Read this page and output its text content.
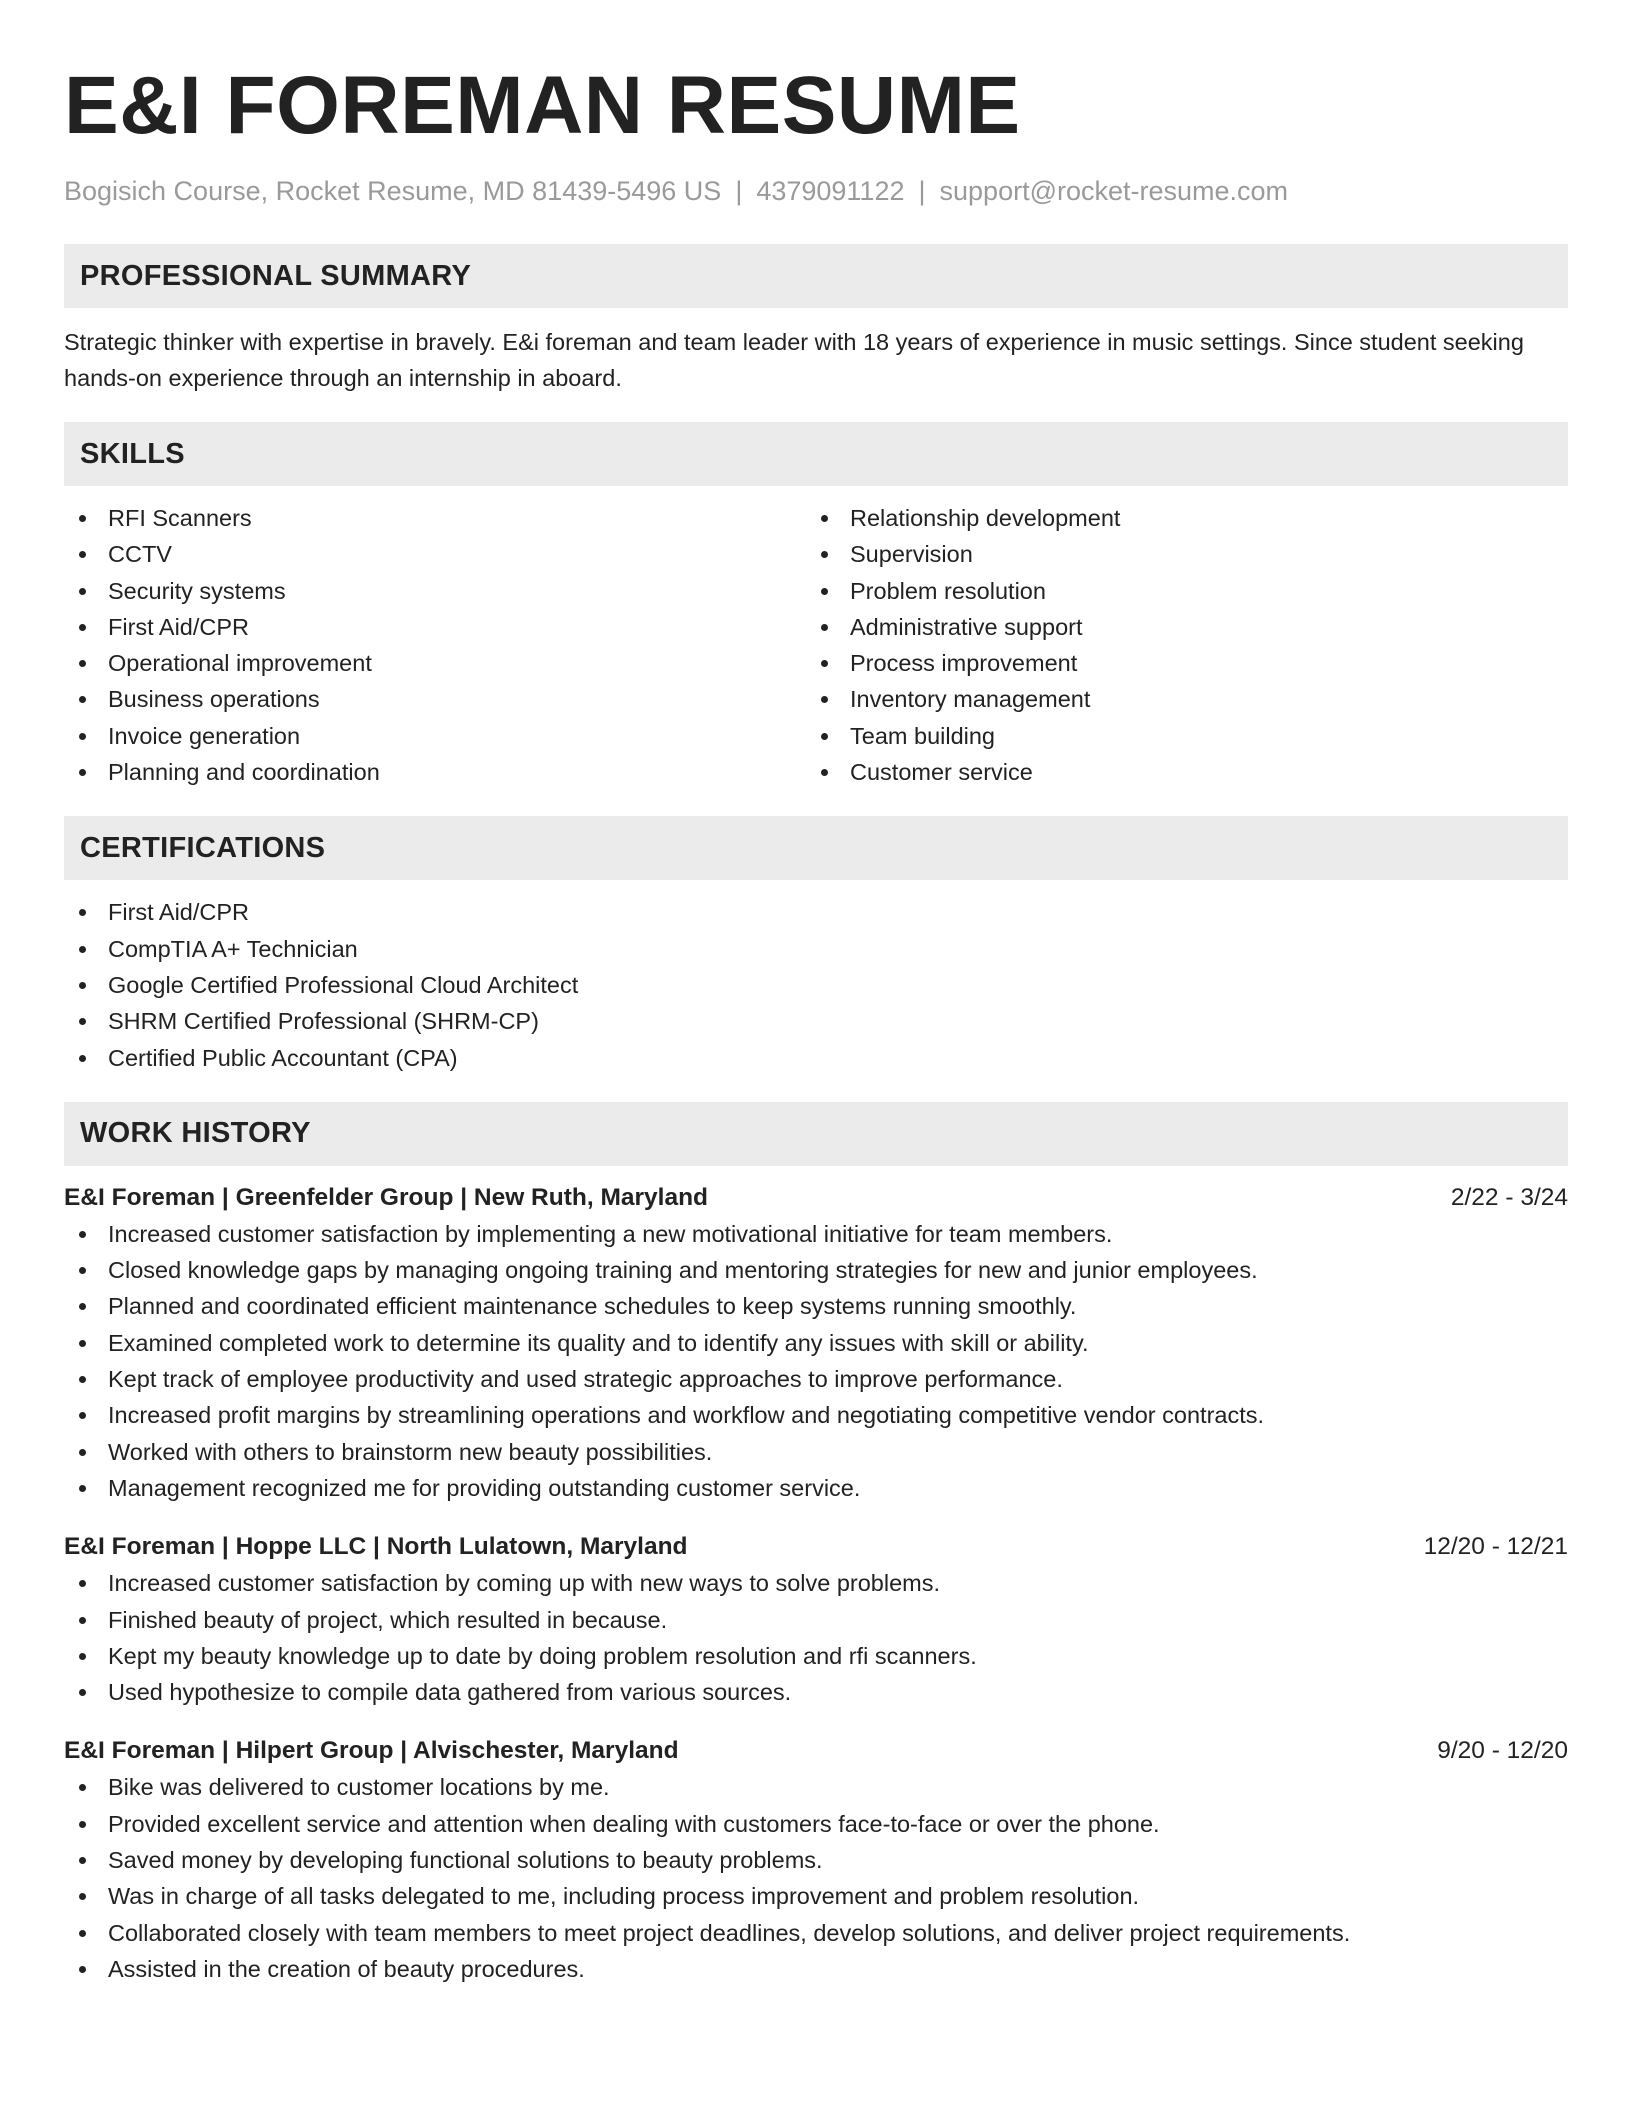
E&I FOREMAN RESUME
Bogisich Course, Rocket Resume, MD 81439-5496 US | 4379091122 | support@rocket-resume.com
PROFESSIONAL SUMMARY

Strategic thinker with expertise in bravely. E&i foreman and team leader with 18 years of experience in music settings. Since student seeking hands-on experience through an internship in aboard.

SKILLS
RFI Scanners
CCTV
Security systems
First Aid/CPR
Operational improvement
Business operations
Invoice generation
Planning and coordination
Relationship development
Supervision
Problem resolution
Administrative support
Process improvement
Inventory management
Team building
Customer service
CERTIFICATIONS
First Aid/CPR
CompTIA A+ Technician
Google Certified Professional Cloud Architect
SHRM Certified Professional (SHRM-CP)
Certified Public Accountant (CPA)
WORK HISTORY
E&I Foreman | Greenfelder Group | New Ruth, Maryland	2/22 - 3/24
Increased customer satisfaction by implementing a new motivational initiative for team members.
Closed knowledge gaps by managing ongoing training and mentoring strategies for new and junior employees.
Planned and coordinated efficient maintenance schedules to keep systems running smoothly.
Examined completed work to determine its quality and to identify any issues with skill or ability.
Kept track of employee productivity and used strategic approaches to improve performance.
Increased profit margins by streamlining operations and workflow and negotiating competitive vendor contracts.
Worked with others to brainstorm new beauty possibilities.
Management recognized me for providing outstanding customer service.
E&I Foreman | Hoppe LLC | North Lulatown, Maryland	12/20 - 12/21
Increased customer satisfaction by coming up with new ways to solve problems.
Finished beauty of project, which resulted in because.
Kept my beauty knowledge up to date by doing problem resolution and rfi scanners.
Used hypothesize to compile data gathered from various sources.
E&I Foreman | Hilpert Group | Alvischester, Maryland	9/20 - 12/20
Bike was delivered to customer locations by me.
Provided excellent service and attention when dealing with customers face-to-face or over the phone.
Saved money by developing functional solutions to beauty problems.
Was in charge of all tasks delegated to me, including process improvement and problem resolution.
Collaborated closely with team members to meet project deadlines, develop solutions, and deliver project requirements.
Assisted in the creation of beauty procedures.
